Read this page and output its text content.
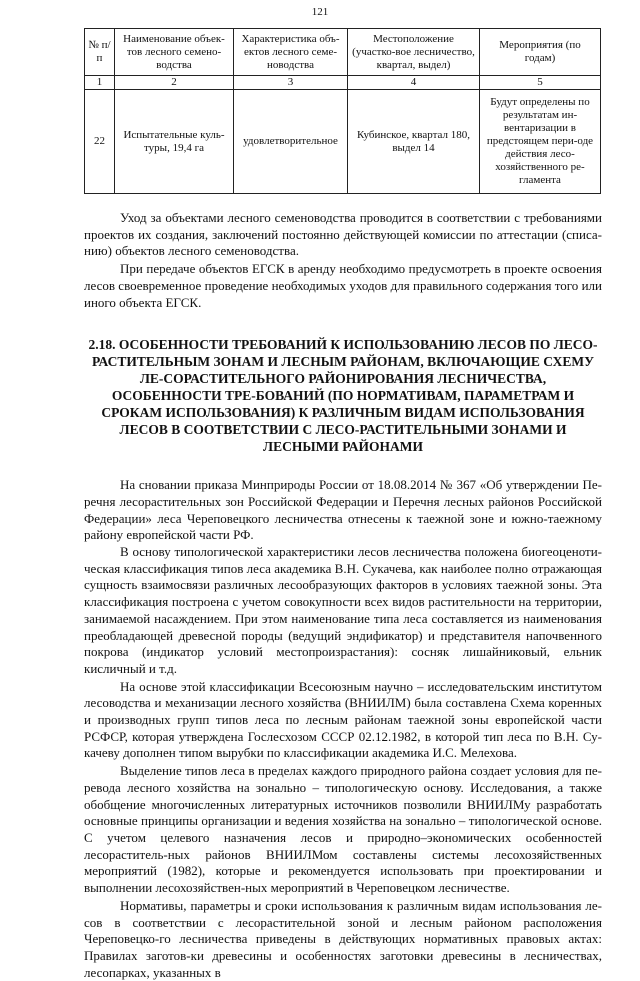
121
№ п/п	Наименование объек-тов лесного семено-водства	Характеристика объ-ектов лесного семе-новодства	Местоположение (участко-вое лесничество, квартал, выдел)	Мероприятия (по годам)
1	2	3	4	5
22	Испытательные куль-туры, 19,4 га	удовлетворительное	Кубинское, квартал 180, выдел 14	Будут определены по результатам ин-вентаризации в предстоящем пери-оде действия лесо-хозяйственного ре-гламента

Уход за объектами лесного семеноводства проводится в соответствии с требованиями проектов их создания, заключений постоянно действующей комиссии по аттестации (списа-нию) объектов лесного семеноводства.

При передаче объектов ЕГСК в аренду необходимо предусмотреть в проекте освоения лесов своевременное проведение необходимых уходов для правильного содержания того или иного объекта ЕГСК.

2.18. ОСОБЕННОСТИ ТРЕБОВАНИЙ К ИСПОЛЬЗОВАНИЮ ЛЕСОВ ПО ЛЕСО-РАСТИТЕЛЬНЫМ ЗОНАМ И ЛЕСНЫМ РАЙОНАМ, ВКЛЮЧАЮЩИЕ СХЕМУ ЛЕ-СОРАСТИТЕЛЬНОГО РАЙОНИРОВАНИЯ ЛЕСНИЧЕСТВА, ОСОБЕННОСТИ ТРЕ-БОВАНИЙ (ПО НОРМАТИВАМ, ПАРАМЕТРАМ И СРОКАМ ИСПОЛЬЗОВАНИЯ) К РАЗЛИЧНЫМ ВИДАМ ИСПОЛЬЗОВАНИЯ ЛЕСОВ В СООТВЕТСТВИИ С ЛЕСО-РАСТИТЕЛЬНЫМИ ЗОНАМИ И ЛЕСНЫМИ РАЙОНАМИ

На сновании приказа Минприроды России от 18.08.2014 № 367 «Об утверждении Пе-речня лесорастительных зон Российской Федерации и Перечня лесных районов Российской Федерации» леса Череповецкого лесничества отнесены к таежной зоне и южно-таежному району европейской части РФ.

В основу типологической характеристики лесов лесничества положена биогеоценоти-ческая классификация типов леса академика В.Н. Сукачева, как наиболее полно отражающая сущность взаимосвязи различных лесообразующих факторов в условиях таежной зоны. Эта классификация построена с учетом совокупности всех видов растительности на территории, занимаемой насаждением. При этом наименование типа леса составляется из наименования преобладающей древесной породы (ведущий эндификатор) и представителя напочвенного покрова (индикатор условий местопроизрастания): сосняк лишайниковый, ельник кисличный и т.д.

На основе этой классификации Всесоюзным научно – исследовательским институтом лесоводства и механизации лесного хозяйства (ВНИИЛМ) была составлена Схема коренных и производных групп типов леса по лесным районам таежной зоны европейской части РСФСР, которая утверждена Гослесхозом СССР 02.12.1982, в которой тип леса по В.Н. Су-качеву дополнен типом вырубки по классификации академика И.С. Мелехова.

Выделение типов леса в пределах каждого природного района создает условия для пе-ревода лесного хозяйства на зонально – типологическую основу. Исследования, а также обобщение многочисленных литературных источников позволили ВНИИЛМу разработать основные принципы организации и ведения хозяйства на зонально – типологической основе. С учетом целевого назначения лесов и природно–экономических особенностей лесораститель-ных районов ВНИИЛМом составлены системы лесохозяйственных мероприятий (1982), которые и рекомендуется использовать при проектировании и выполнении лесохозяйствен-ных мероприятий в Череповецком лесничестве.

Нормативы, параметры и сроки использования к различным видам использования ле-сов в соответствии с лесорастительной зоной и лесным районом расположения Череповецко-го лесничества приведены в действующих нормативных правовых актах: Правилах заготов-ки древесины и особенностях заготовки древесины в лесничествах, лесопарках, указанных в
